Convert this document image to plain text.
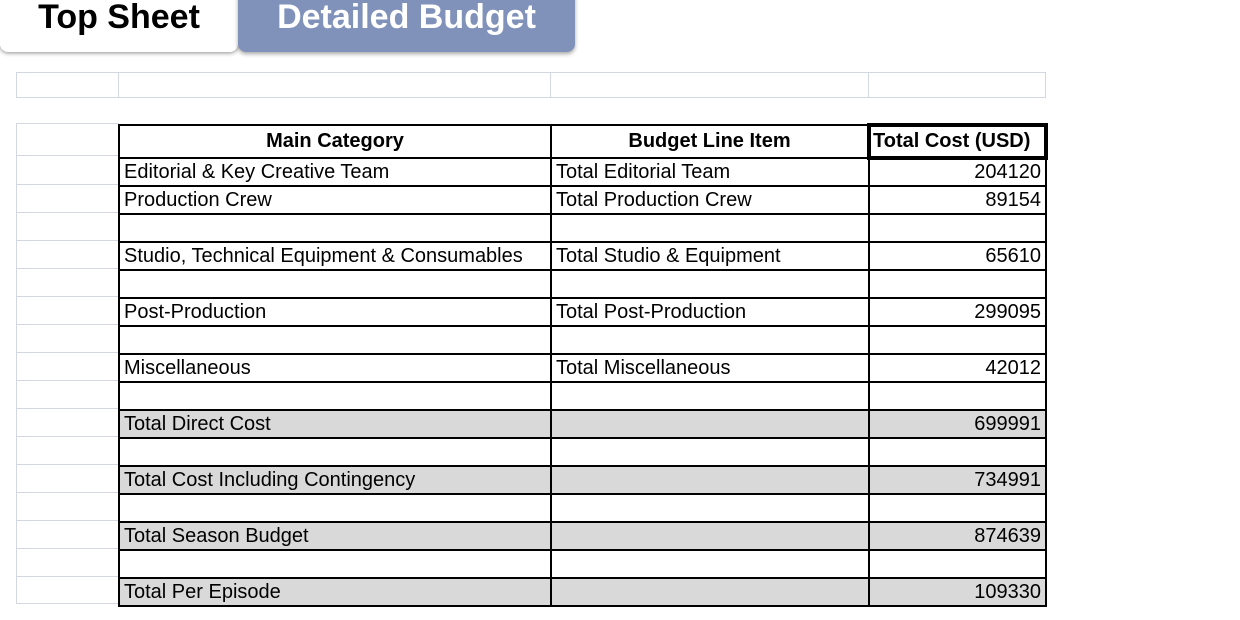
Top Sheet	Detailed Budget
Main Category	Budget Line Item	Total Cost (USD)
Editorial & Key Creative Team	Total Editorial Team	204120
Production Crew	Total Production Crew	89154

Studio, Technical Equipment & Consumables	Total Studio & Equipment	65610

Post-Production	Total Post-Production	299095

Miscellaneous	Total Miscellaneous	42012

Total Direct Cost		699991

Total Cost Including Contingency		734991

Total Season Budget		874639

Total Per Episode		109330
